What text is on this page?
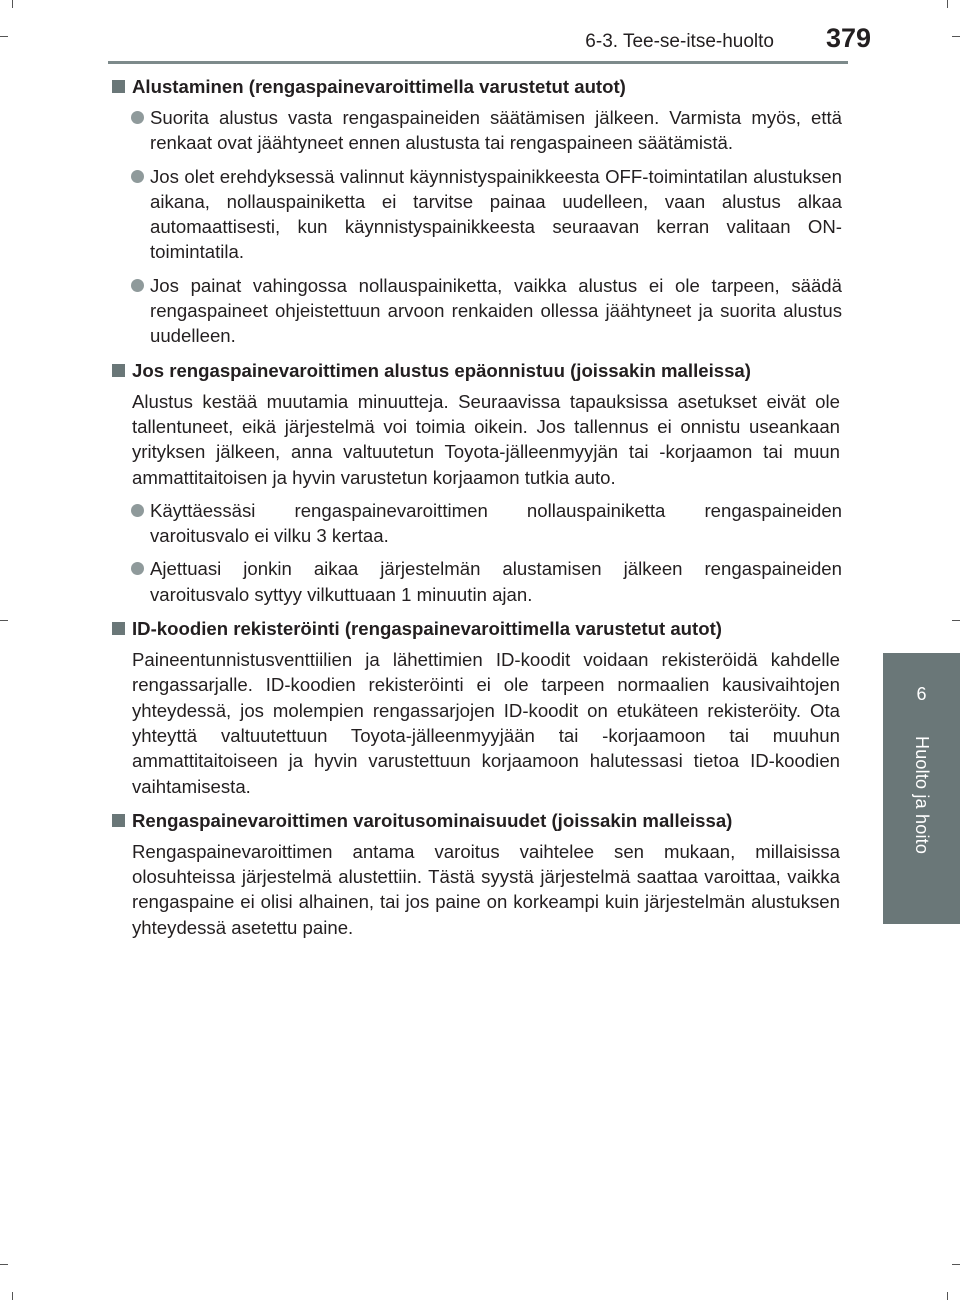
6-3. Tee-se-itse-huolto 379
6
Huolto ja hoito
Alustaminen (rengaspainevaroittimella varustetut autot)
Suorita alustus vasta rengaspaineiden säätämisen jälkeen. Varmista myös, että renkaat ovat jäähtyneet ennen alustusta tai rengaspaineen säätämistä.
Jos olet erehdyksessä valinnut käynnistyspainikkeesta OFF-toimintatilan alustuksen aikana, nollauspainiketta ei tarvitse painaa uudelleen, vaan alustus alkaa automaattisesti, kun käynnistyspainikkeesta seuraavan kerran valitaan ON-toimintatila.
Jos painat vahingossa nollauspainiketta, vaikka alustus ei ole tarpeen, säädä rengaspaineet ohjeistettuun arvoon renkaiden ollessa jäähtyneet ja suorita alustus uudelleen.
Jos rengaspainevaroittimen alustus epäonnistuu (joissakin malleissa)
Alustus kestää muutamia minuutteja. Seuraavissa tapauksissa asetukset eivät ole tallentuneet, eikä järjestelmä voi toimia oikein. Jos tallennus ei onnistu useankaan yrityksen jälkeen, anna valtuutetun Toyota-jälleenmyyjän tai -korjaamon tai muun ammattitaitoisen ja hyvin varustetun korjaamon tutkia auto.
Käyttäessäsi rengaspainevaroittimen nollauspainiketta rengaspaineiden varoitusvalo ei vilku 3 kertaa.
Ajettuasi jonkin aikaa järjestelmän alustamisen jälkeen rengaspaineiden varoitusvalo syttyy vilkuttuaan 1 minuutin ajan.
ID-koodien rekisteröinti (rengaspainevaroittimella varustetut autot)
Paineentunnistusventtiilien ja lähettimien ID-koodit voidaan rekisteröidä kahdelle rengassarjalle. ID-koodien rekisteröinti ei ole tarpeen normaalien kausivaihtojen yhteydessä, jos molempien rengassarjojen ID-koodit on etukäteen rekisteröity. Ota yhteyttä valtuutettuun Toyota-jälleenmyyjään tai -korjaamoon tai muuhun ammattitaitoiseen ja hyvin varustettuun korjaamoon halutessasi tietoa ID-koodien vaihtamisesta.
Rengaspainevaroittimen varoitusominaisuudet (joissakin malleissa)
Rengaspainevaroittimen antama varoitus vaihtelee sen mukaan, millaisissa olosuhteissa järjestelmä alustettiin. Tästä syystä järjestelmä saattaa varoittaa, vaikka rengaspaine ei olisi alhainen, tai jos paine on korkeampi kuin järjestelmän alustuksen yhteydessä asetettu paine.
